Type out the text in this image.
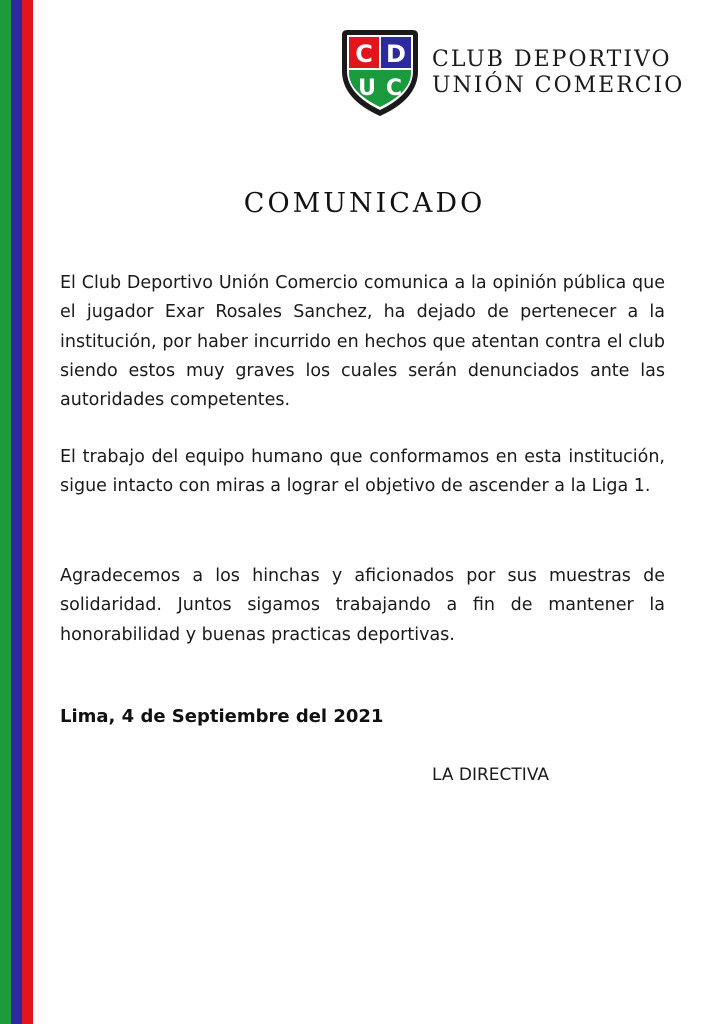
C D
U C
CLUB DEPORTIVO
UNIÓN COMERCIO
COMUNICADO

El Club Deportivo Unión Comercio comunica a la opinión pública que el jugador Exar Rosales Sanchez, ha dejado de pertenecer a la institución, por haber incurrido en hechos que atentan contra el club siendo estos muy graves los cuales serán denunciados ante las autoridades competentes.

El trabajo del equipo humano que conformamos en esta institución, sigue intacto con miras a lograr el objetivo de ascender a la Liga 1.

Agradecemos a los hinchas y aficionados por sus muestras de solidaridad. Juntos sigamos trabajando a fin de mantener la honorabilidad y buenas practicas deportivas.

Lima, 4 de Septiembre del 2021
LA DIRECTIVA
